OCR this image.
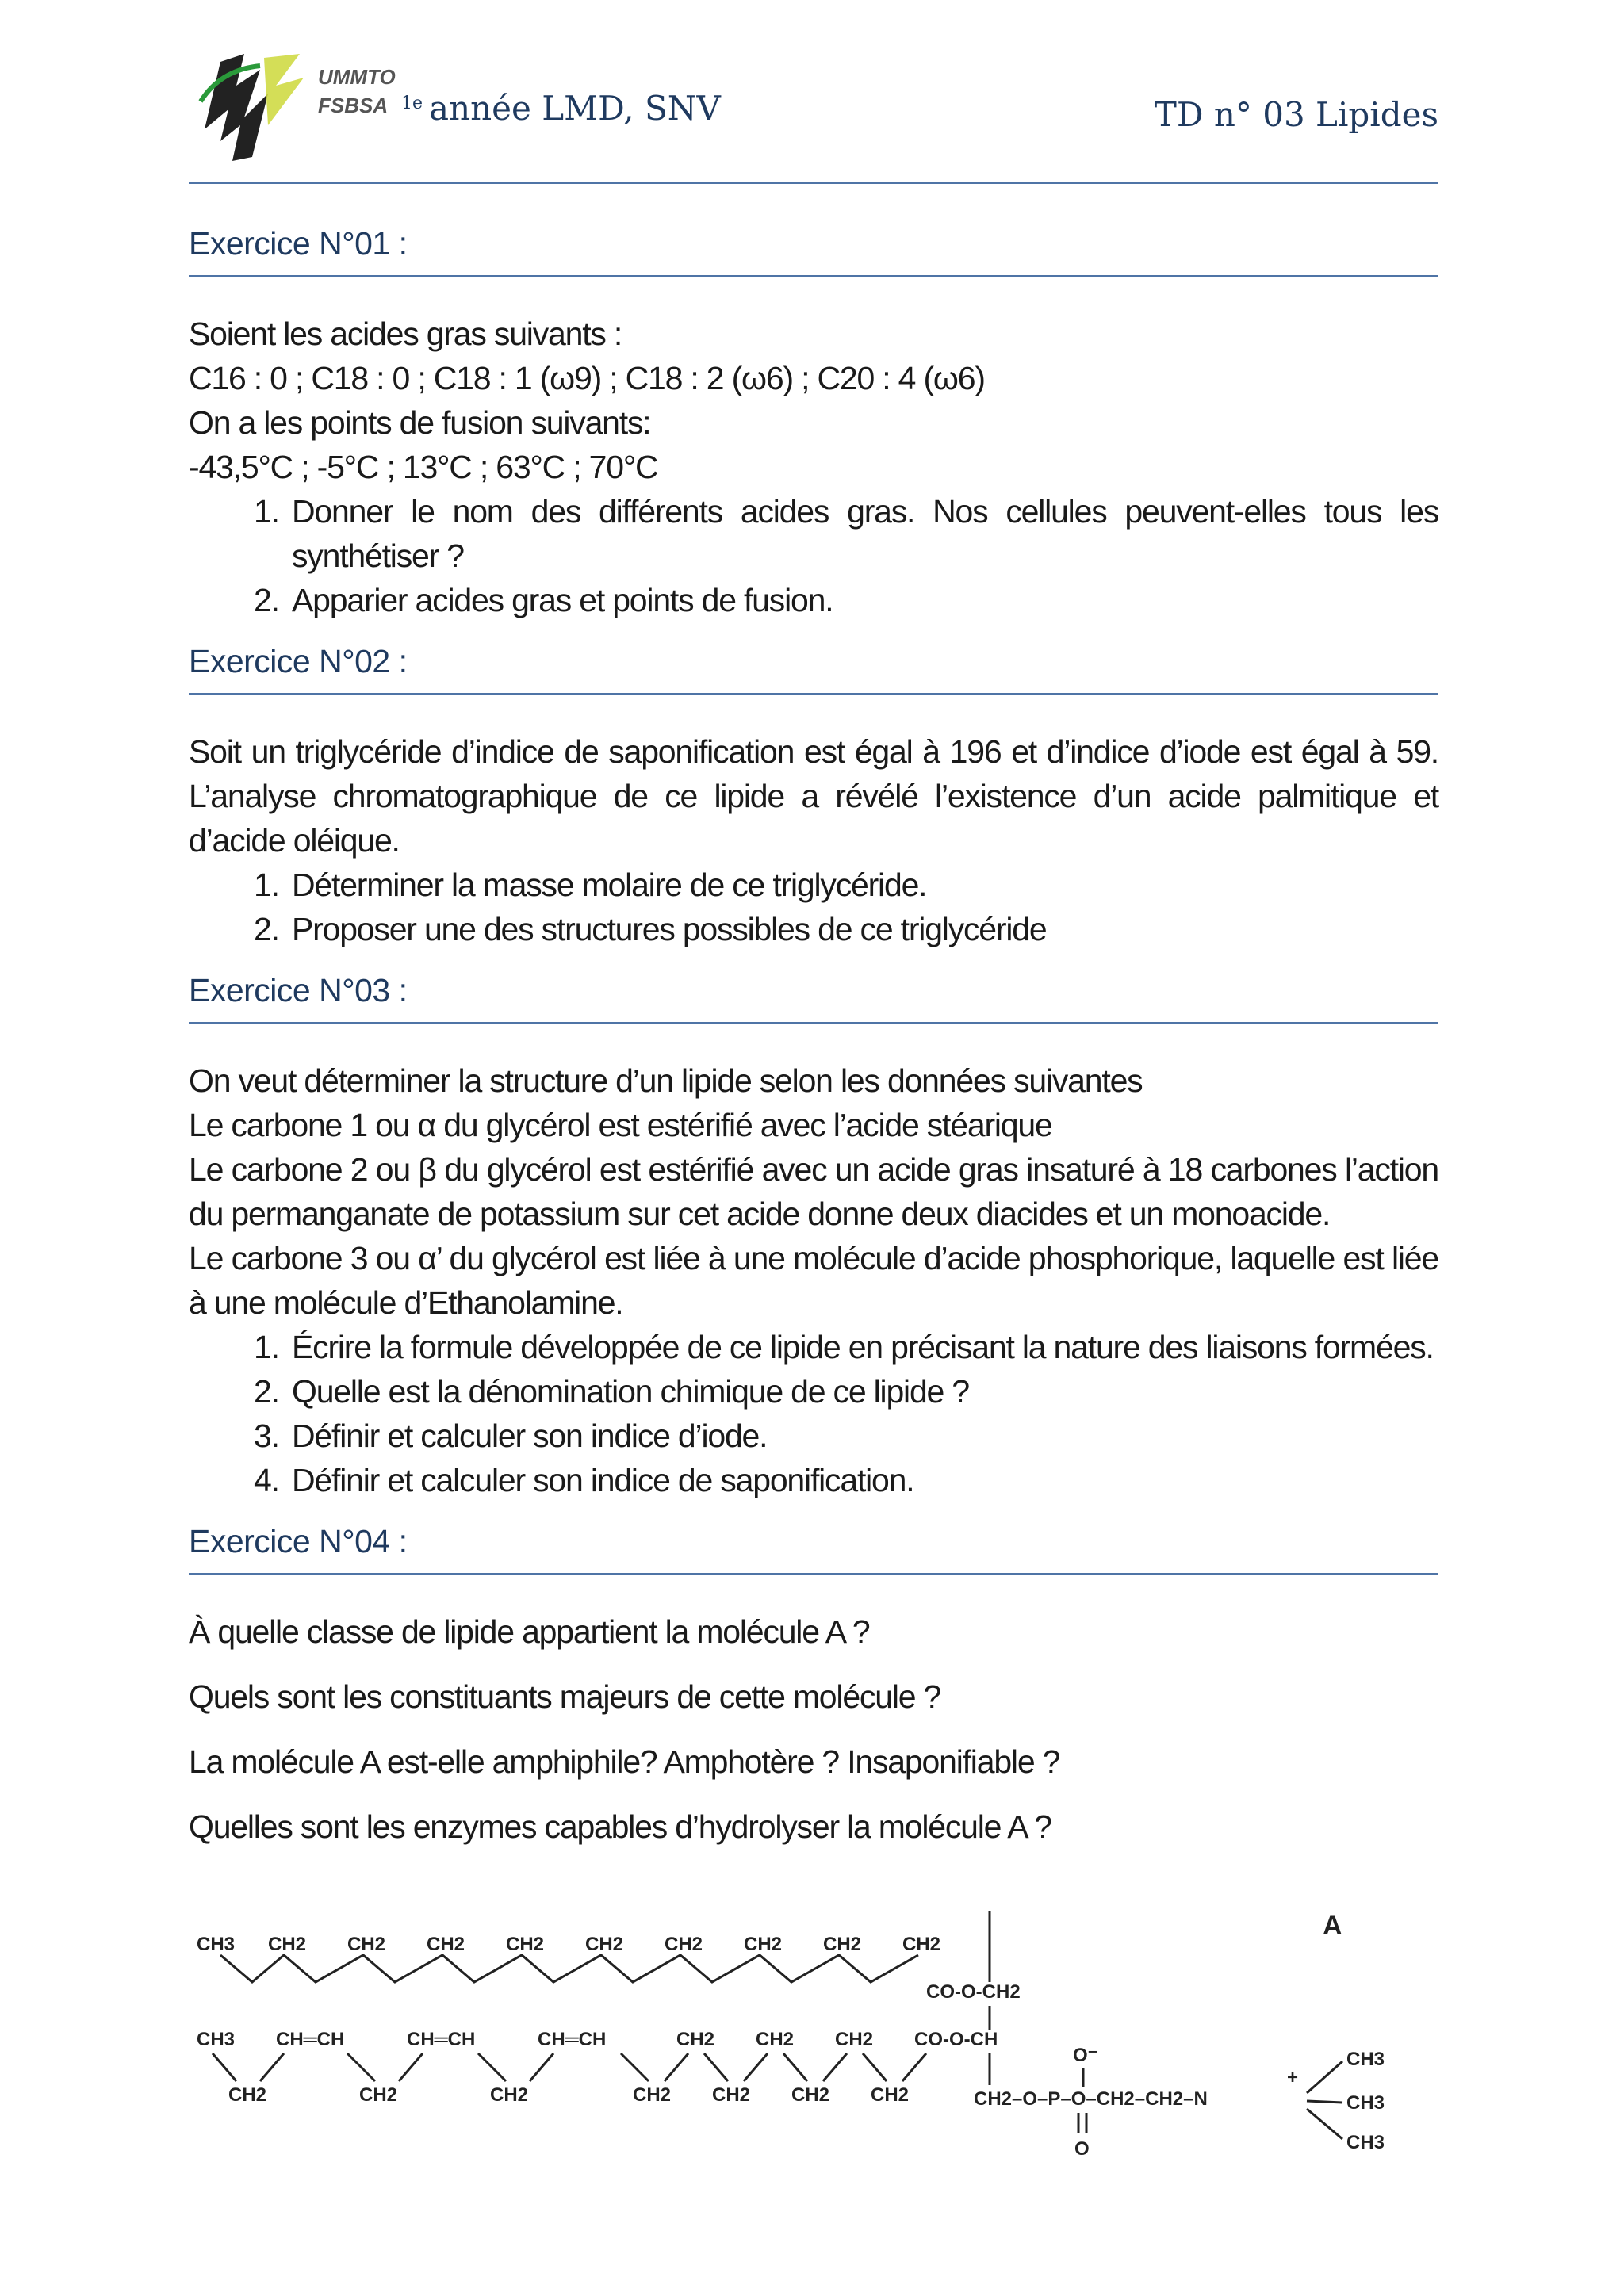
UMMTO
FSBSA $^{1e}$ année LMD, SNV	TD n° 03 Lipides
Exercice N°01 :

Soient les acides gras suivants :

C16 : 0 ; C18 : 0 ; C18 : 1 (ω9) ; C18 : 2 (ω6) ; C20 : 4 (ω6)

On a les points de fusion suivants:

-43,5°C ; -5°C ; 13°C ; 63°C ; 70°C

1. Donner le nom des différents acides gras. Nos cellules peuvent-elles tous les synthétiser ?
2. Apparier acides gras et points de fusion.
Exercice N°02 :

Soit un triglycéride d’indice de saponification est égal à 196 et d’indice d’iode est égal à 59. L’analyse chromatographique de ce lipide a révélé l’existence d’un acide palmitique et d’acide oléique.

1. Déterminer la masse molaire de ce triglycéride.
2. Proposer une des structures possibles de ce triglycéride
Exercice N°03 :

On veut déterminer la structure d’un lipide selon les données suivantes

Le carbone 1 ou α du glycérol est estérifié avec l’acide stéarique

Le carbone 2 ou β du glycérol est estérifié avec un acide gras insaturé à 18 carbones l’action du permanganate de potassium sur cet acide donne deux diacides et un monoacide.

Le carbone 3 ou α’ du glycérol est liée à une molécule d’acide phosphorique, laquelle est liée à une molécule d’Ethanolamine.

1. Écrire la formule développée de ce lipide en précisant la nature des liaisons formées.
2. Quelle est la dénomination chimique de ce lipide ?
3. Définir et calculer son indice d’iode.
4. Définir et calculer son indice de saponification.
Exercice N°04 :

À quelle classe de lipide appartient la molécule A ?

Quels sont les constituants majeurs de cette molécule ?

La molécule A est-elle amphiphile? Amphotère ? Insaponifiable ?

Quelles sont les enzymes capables d’hydrolyser la molécule A ?

A
CH3 CH2 CH2 CH2 CH2 CH2 CH2 CH2 CH2 CH2
CO-O-CH2
CH3 CH═CH	CH═CH	CH═CH	CH2 CH2 CH2 CO-O-CH
CH2	CH2	CH2	CH2 CH2 CH2 CH2	CH2–O–P–O–CH2–CH2–N
O⁻
O
+
CH3
CH3
CH3
